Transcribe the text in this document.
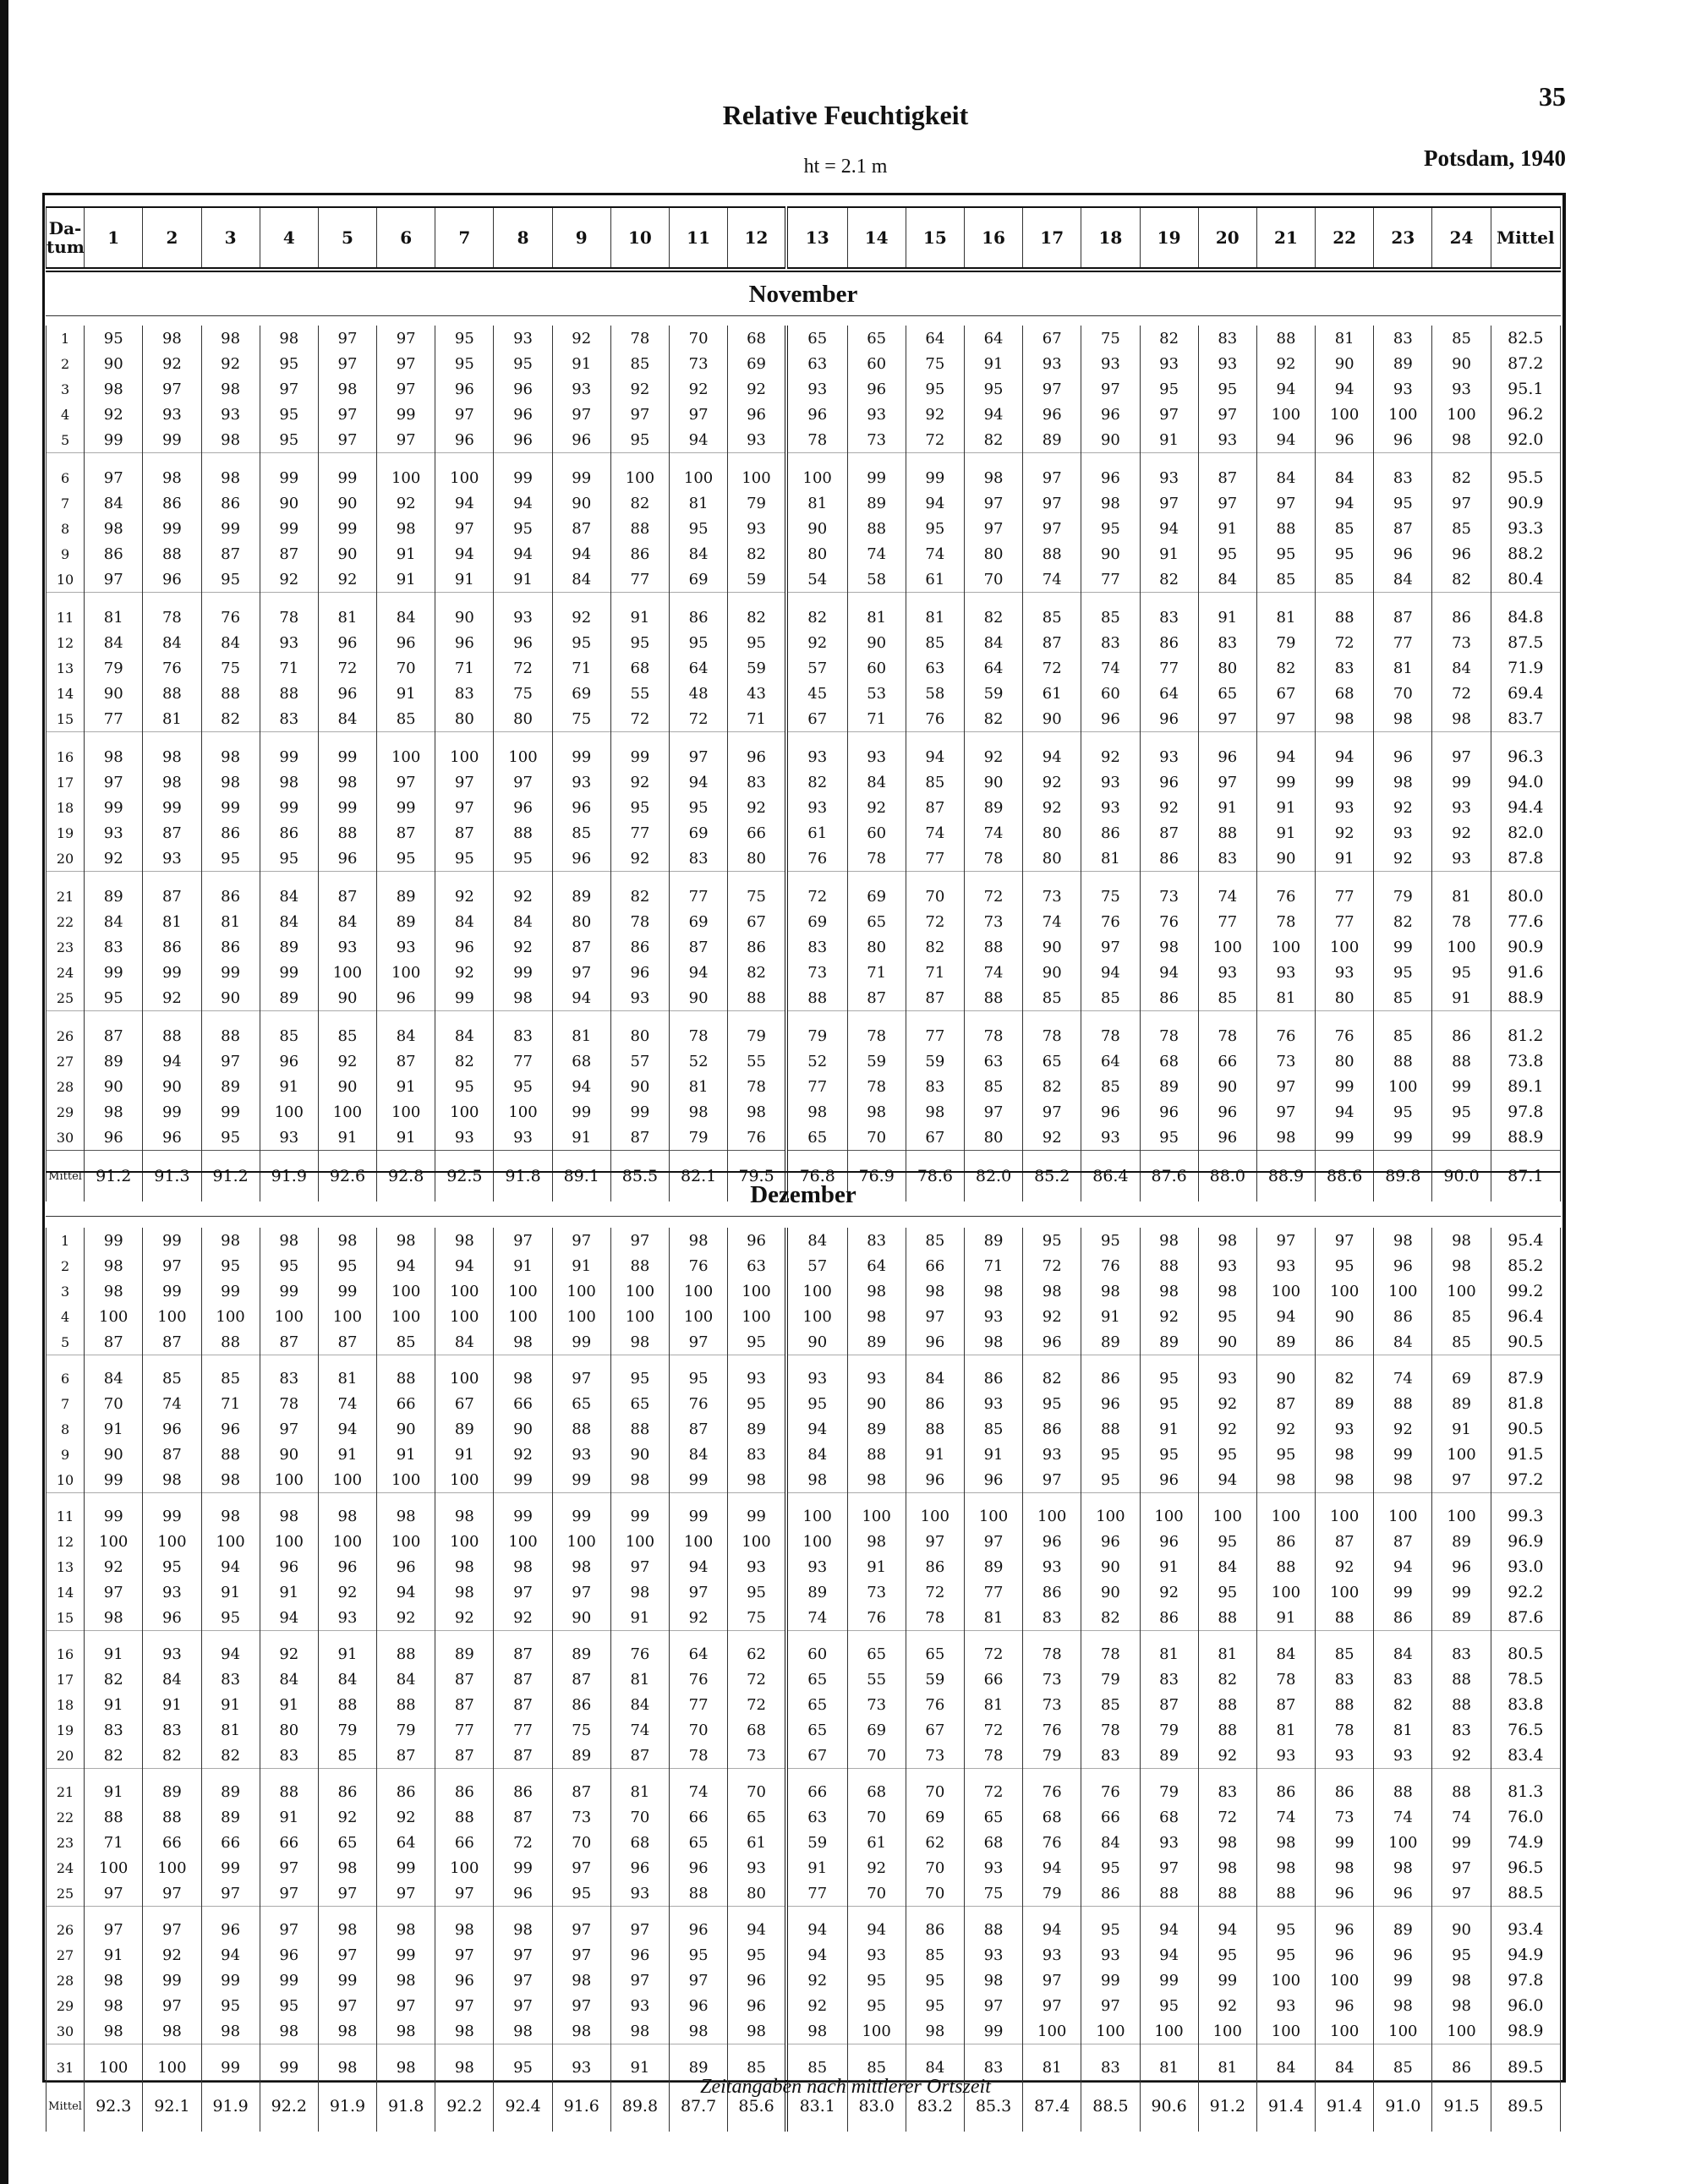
Relative Feuchtigkeit
35
ht = 2.1 m	Potsdam, 1940
Da-
tum	1	2	3	4	5	6	7	8	9	10	11	12	13	14	15	16	17	18	19	20	21	22	23	24	Mittel
November
1	95	98	98	98	97	97	95	93	92	78	70	68	65	65	64	64	67	75	82	83	88	81	83	85	82.5
2	90	92	92	95	97	97	95	95	91	85	73	69	63	60	75	91	93	93	93	93	92	90	89	90	87.2
3	98	97	98	97	98	97	96	96	93	92	92	92	93	96	95	95	97	97	95	95	94	94	93	93	95.1
4	92	93	93	95	97	99	97	96	97	97	97	96	96	93	92	94	96	96	97	97	100	100	100	100	96.2
5	99	99	98	95	97	97	96	96	96	95	94	93	78	73	72	82	89	90	91	93	94	96	96	98	92.0
6	97	98	98	99	99	100	100	99	99	100	100	100	100	99	99	98	97	96	93	87	84	84	83	82	95.5
7	84	86	86	90	90	92	94	94	90	82	81	79	81	89	94	97	97	98	97	97	97	94	95	97	90.9
8	98	99	99	99	99	98	97	95	87	88	95	93	90	88	95	97	97	95	94	91	88	85	87	85	93.3
9	86	88	87	87	90	91	94	94	94	86	84	82	80	74	74	80	88	90	91	95	95	95	96	96	88.2
10	97	96	95	92	92	91	91	91	84	77	69	59	54	58	61	70	74	77	82	84	85	85	84	82	80.4
11	81	78	76	78	81	84	90	93	92	91	86	82	82	81	81	82	85	85	83	91	81	88	87	86	84.8
12	84	84	84	93	96	96	96	96	95	95	95	95	92	90	85	84	87	83	86	83	79	72	77	73	87.5
13	79	76	75	71	72	70	71	72	71	68	64	59	57	60	63	64	72	74	77	80	82	83	81	84	71.9
14	90	88	88	88	96	91	83	75	69	55	48	43	45	53	58	59	61	60	64	65	67	68	70	72	69.4
15	77	81	82	83	84	85	80	80	75	72	72	71	67	71	76	82	90	96	96	97	97	98	98	98	83.7
16	98	98	98	99	99	100	100	100	99	99	97	96	93	93	94	92	94	92	93	96	94	94	96	97	96.3
17	97	98	98	98	98	97	97	97	93	92	94	83	82	84	85	90	92	93	96	97	99	99	98	99	94.0
18	99	99	99	99	99	99	97	96	96	95	95	92	93	92	87	89	92	93	92	91	91	93	92	93	94.4
19	93	87	86	86	88	87	87	88	85	77	69	66	61	60	74	74	80	86	87	88	91	92	93	92	82.0
20	92	93	95	95	96	95	95	95	96	92	83	80	76	78	77	78	80	81	86	83	90	91	92	93	87.8
21	89	87	86	84	87	89	92	92	89	82	77	75	72	69	70	72	73	75	73	74	76	77	79	81	80.0
22	84	81	81	84	84	89	84	84	80	78	69	67	69	65	72	73	74	76	76	77	78	77	82	78	77.6
23	83	86	86	89	93	93	96	92	87	86	87	86	83	80	82	88	90	97	98	100	100	100	99	100	90.9
24	99	99	99	99	100	100	92	99	97	96	94	82	73	71	71	74	90	94	94	93	93	93	95	95	91.6
25	95	92	90	89	90	96	99	98	94	93	90	88	88	87	87	88	85	85	86	85	81	80	85	91	88.9
26	87	88	88	85	85	84	84	83	81	80	78	79	79	78	77	78	78	78	78	78	76	76	85	86	81.2
27	89	94	97	96	92	87	82	77	68	57	52	55	52	59	59	63	65	64	68	66	73	80	88	88	73.8
28	90	90	89	91	90	91	95	95	94	90	81	78	77	78	83	85	82	85	89	90	97	99	100	99	89.1
29	98	99	99	100	100	100	100	100	99	99	98	98	98	98	98	97	97	96	96	96	97	94	95	95	97.8
30	96	96	95	93	91	91	93	93	91	87	79	76	65	70	67	80	92	93	95	96	98	99	99	99	88.9
Mittel	91.2	91.3	91.2	91.9	92.6	92.8	92.5	91.8	89.1	85.5	82.1	79.5	76.8	76.9	78.6	82.0	85.2	86.4	87.6	88.0	88.9	88.6	89.8	90.0	87.1
Dezember
1	99	99	98	98	98	98	98	97	97	97	98	96	84	83	85	89	95	95	98	98	97	97	98	98	95.4
2	98	97	95	95	95	94	94	91	91	88	76	63	57	64	66	71	72	76	88	93	93	95	96	98	85.2
3	98	99	99	99	99	100	100	100	100	100	100	100	100	98	98	98	98	98	98	98	100	100	100	100	99.2
4	100	100	100	100	100	100	100	100	100	100	100	100	100	98	97	93	92	91	92	95	94	90	86	85	96.4
5	87	87	88	87	87	85	84	98	99	98	97	95	90	89	96	98	96	89	89	90	89	86	84	85	90.5
6	84	85	85	83	81	88	100	98	97	95	95	93	93	93	84	86	82	86	95	93	90	82	74	69	87.9
7	70	74	71	78	74	66	67	66	65	65	76	95	95	90	86	93	95	96	95	92	87	89	88	89	81.8
8	91	96	96	97	94	90	89	90	88	88	87	89	94	89	88	85	86	88	91	92	92	93	92	91	90.5
9	90	87	88	90	91	91	91	92	93	90	84	83	84	88	91	91	93	95	95	95	95	98	99	100	91.5
10	99	98	98	100	100	100	100	99	99	98	99	98	98	98	96	96	97	95	96	94	98	98	98	97	97.2
11	99	99	98	98	98	98	98	99	99	99	99	99	100	100	100	100	100	100	100	100	100	100	100	100	99.3
12	100	100	100	100	100	100	100	100	100	100	100	100	100	98	97	97	96	96	96	95	86	87	87	89	96.9
13	92	95	94	96	96	96	98	98	98	97	94	93	93	91	86	89	93	90	91	84	88	92	94	96	93.0
14	97	93	91	91	92	94	98	97	97	98	97	95	89	73	72	77	86	90	92	95	100	100	99	99	92.2
15	98	96	95	94	93	92	92	92	90	91	92	75	74	76	78	81	83	82	86	88	91	88	86	89	87.6
16	91	93	94	92	91	88	89	87	89	76	64	62	60	65	65	72	78	78	81	81	84	85	84	83	80.5
17	82	84	83	84	84	84	87	87	87	81	76	72	65	55	59	66	73	79	83	82	78	83	83	88	78.5
18	91	91	91	91	88	88	87	87	86	84	77	72	65	73	76	81	73	85	87	88	87	88	82	88	83.8
19	83	83	81	80	79	79	77	77	75	74	70	68	65	69	67	72	76	78	79	88	81	78	81	83	76.5
20	82	82	82	83	85	87	87	87	89	87	78	73	67	70	73	78	79	83	89	92	93	93	93	92	83.4
21	91	89	89	88	86	86	86	86	87	81	74	70	66	68	70	72	76	76	79	83	86	86	88	88	81.3
22	88	88	89	91	92	92	88	87	73	70	66	65	63	70	69	65	68	66	68	72	74	73	74	74	76.0
23	71	66	66	66	65	64	66	72	70	68	65	61	59	61	62	68	76	84	93	98	98	99	100	99	74.9
24	100	100	99	97	98	99	100	99	97	96	96	93	91	92	70	93	94	95	97	98	98	98	98	97	96.5
25	97	97	97	97	97	97	97	96	95	93	88	80	77	70	70	75	79	86	88	88	88	96	96	97	88.5
26	97	97	96	97	98	98	98	98	97	97	96	94	94	94	86	88	94	95	94	94	95	96	89	90	93.4
27	91	92	94	96	97	99	97	97	97	96	95	95	94	93	85	93	93	93	94	95	95	96	96	95	94.9
28	98	99	99	99	99	98	96	97	98	97	97	96	92	95	95	98	97	99	99	99	100	100	99	98	97.8
29	98	97	95	95	97	97	97	97	97	93	96	96	92	95	95	97	97	97	95	92	93	96	98	98	96.0
30	98	98	98	98	98	98	98	98	98	98	98	98	98	100	98	99	100	100	100	100	100	100	100	100	98.9
31	100	100	99	99	98	98	98	95	93	91	89	85	85	85	84	83	81	83	81	81	84	84	85	86	89.5
Mittel	92.3	92.1	91.9	92.2	91.9	91.8	92.2	92.4	91.6	89.8	87.7	85.6	83.1	83.0	83.2	85.3	87.4	88.5	90.6	91.2	91.4	91.4	91.0	91.5	89.5
Zeitangaben nach mittlerer Ortszeit
